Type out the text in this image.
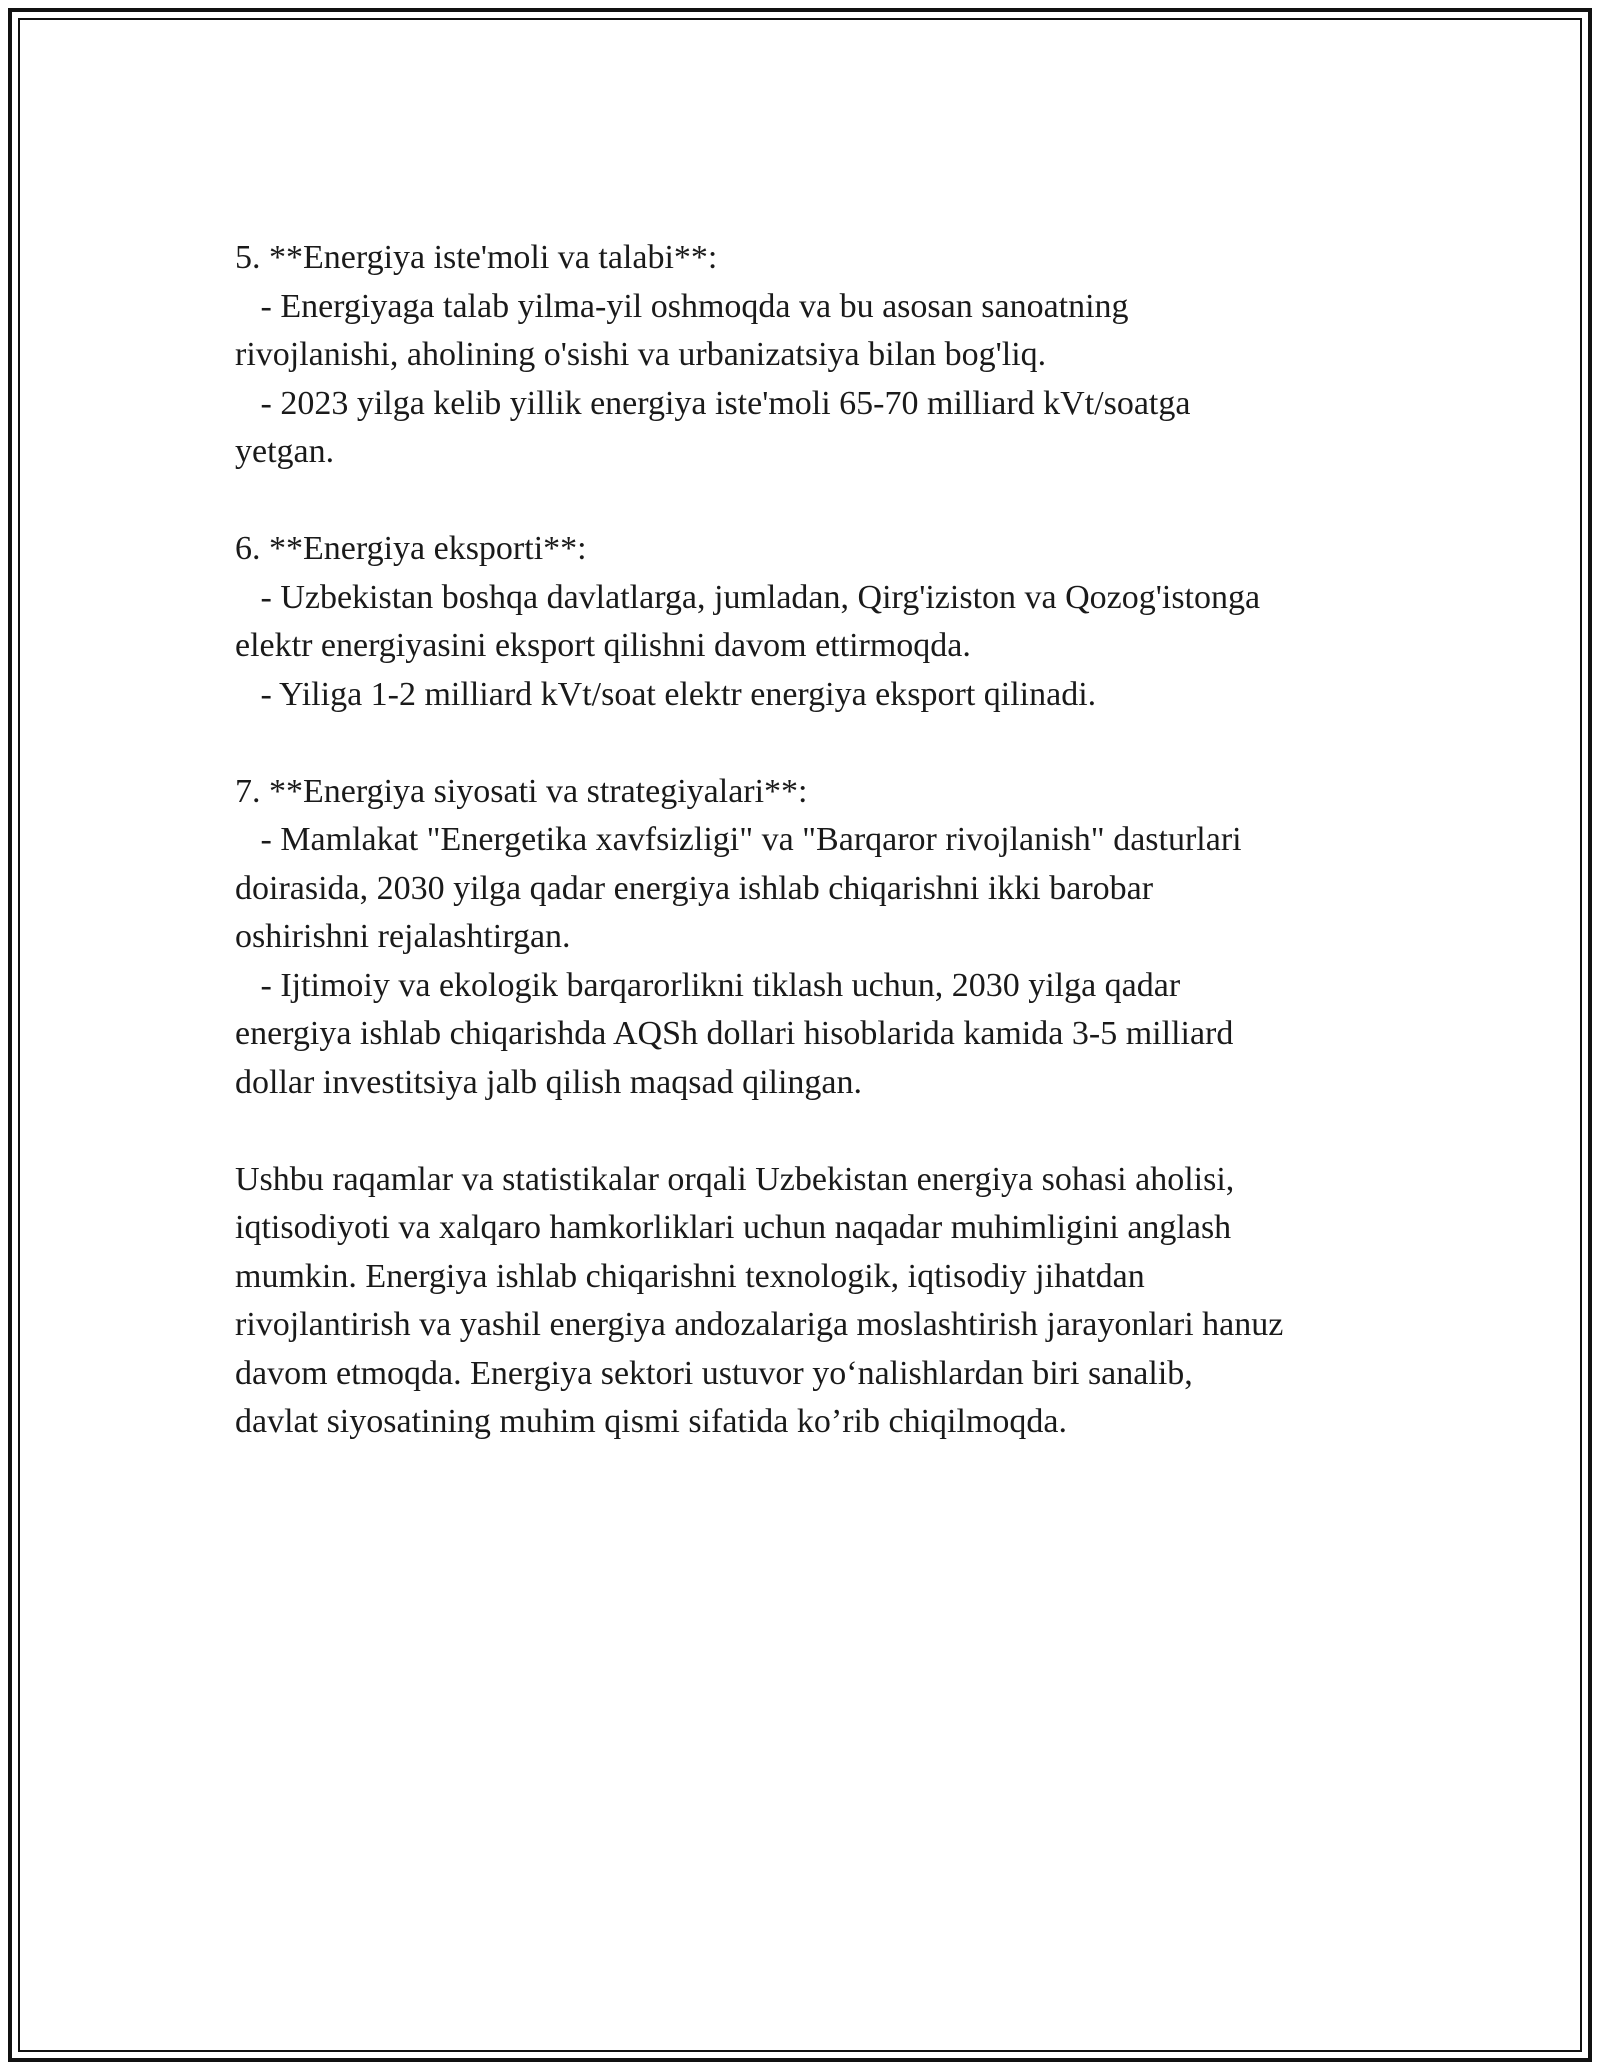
5. **Energiya iste'moli va talabi**:
- Energiyaga talab yilma-yil oshmoqda va bu asosan sanoatning
rivojlanishi, aholining o'sishi va urbanizatsiya bilan bog'liq.
- 2023 yilga kelib yillik energiya iste'moli 65-70 milliard kVt/soatga
yetgan.
6. **Energiya eksporti**:
- Uzbekistan boshqa davlatlarga, jumladan, Qirg'iziston va Qozog'istonga
elektr energiyasini eksport qilishni davom ettirmoqda.
- Yiliga 1-2 milliard kVt/soat elektr energiya eksport qilinadi.
7. **Energiya siyosati va strategiyalari**:
- Mamlakat "Energetika xavfsizligi" va "Barqaror rivojlanish" dasturlari
doirasida, 2030 yilga qadar energiya ishlab chiqarishni ikki barobar
oshirishni rejalashtirgan.
- Ijtimoiy va ekologik barqarorlikni tiklash uchun, 2030 yilga qadar
energiya ishlab chiqarishda AQSh dollari hisoblarida kamida 3-5 milliard
dollar investitsiya jalb qilish maqsad qilingan.
Ushbu raqamlar va statistikalar orqali Uzbekistan energiya sohasi aholisi,
iqtisodiyoti va xalqaro hamkorliklari uchun naqadar muhimligini anglash
mumkin. Energiya ishlab chiqarishni texnologik, iqtisodiy jihatdan
rivojlantirish va yashil energiya andozalariga moslashtirish jarayonlari hanuz
davom etmoqda. Energiya sektori ustuvor yo‘nalishlardan biri sanalib,
davlat siyosatining muhim qismi sifatida ko’rib chiqilmoqda.
